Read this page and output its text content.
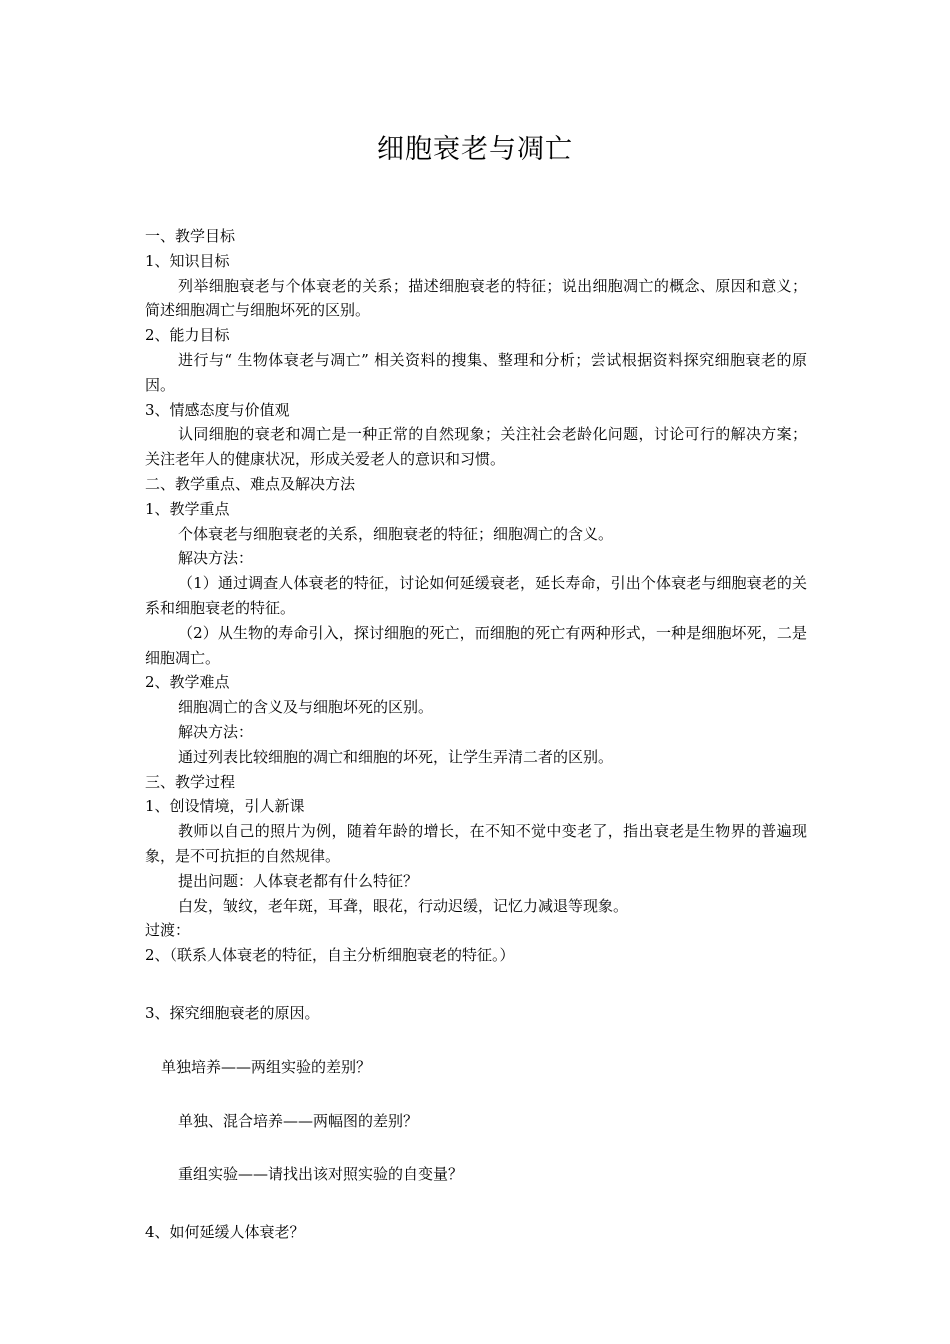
细胞衰老与凋亡

一、教学目标

1、知识目标

列举细胞衰老与个体衰老的关系；描述细胞衰老的特征；说出细胞凋亡的概念、原因和意义；简述细胞凋亡与细胞坏死的区别。

2、能力目标

进行与“ 生物体衰老与凋亡” 相关资料的搜集、整理和分析；尝试根据资料探究细胞衰老的原因。

3、情感态度与价值观

认同细胞的衰老和凋亡是一种正常的自然现象；关注社会老龄化问题，讨论可行的解决方案；关注老年人的健康状况，形成关爱老人的意识和习惯。

二、教学重点、难点及解决方法

1、教学重点

个体衰老与细胞衰老的关系，细胞衰老的特征；细胞凋亡的含义。

解决方法：

（1）通过调查人体衰老的特征，讨论如何延缓衰老，延长寿命，引出个体衰老与细胞衰老的关系和细胞衰老的特征。

（2）从生物的寿命引入，探讨细胞的死亡，而细胞的死亡有两种形式，一种是细胞坏死，二是细胞凋亡。

2、教学难点

细胞凋亡的含义及与细胞坏死的区别。

解决方法：

通过列表比较细胞的凋亡和细胞的坏死，让学生弄清二者的区别。

三、教学过程

1、创设情境，引人新课

教师以自己的照片为例，随着年龄的增长，在不知不觉中变老了，指出衰老是生物界的普遍现象，是不可抗拒的自然规律。

提出问题：人体衰老都有什么特征？

白发，皱纹，老年斑，耳聋，眼花，行动迟缓，记忆力减退等现象。

过渡：

2、（联系人体衰老的特征，自主分析细胞衰老的特征。）

3、探究细胞衰老的原因。

单独培养——两组实验的差别？

单独、混合培养——两幅图的差别？

重组实验——请找出该对照实验的自变量？

4、如何延缓人体衰老？
